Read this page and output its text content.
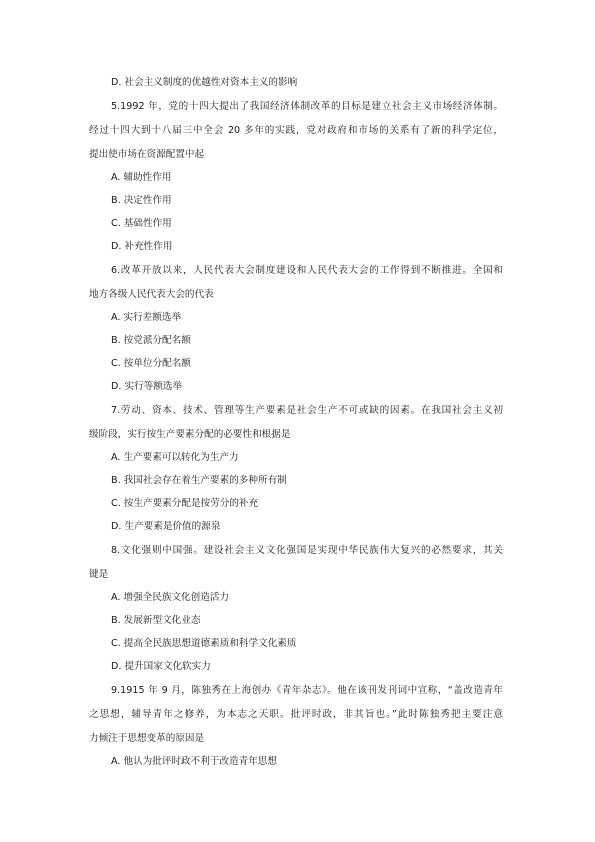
D. 社会主义制度的优越性对资本主义的影响
5.1992 年，党的十四大提出了我国经济体制改革的目标是建立社会主义市场经济体制。
经过十四大到十八届三中全会 20 多年的实践，党对政府和市场的关系有了新的科学定位，
提出使市场在资源配置中起
A. 辅助性作用
B. 决定性作用
C. 基础性作用
D. 补充性作用
6.改革开放以来，人民代表大会制度建设和人民代表大会的工作得到不断推进。全国和
地方各级人民代表大会的代表
A. 实行差额选举
B. 按党派分配名额
C. 按单位分配名额
D. 实行等额选举
7.劳动、资本、技术、管理等生产要素是社会生产不可或缺的因素。在我国社会主义初
级阶段，实行按生产要素分配的必要性和根据是
A. 生产要素可以转化为生产力
B. 我国社会存在着生产要素的多种所有制
C. 按生产要素分配是按劳分的补充
D. 生产要素是价值的源泉
8.文化强则中国强。建设社会主义文化强国是实现中华民族伟大复兴的必然要求，其关
键是
A. 增强全民族文化创造活力
B. 发展新型文化业态
C. 提高全民族思想道德素质和科学文化素质
D. 提升国家文化软实力
9.1915 年 9 月，陈独秀在上海创办《青年杂志》。他在该刊发刊词中宣称，“盖改造青年
之思想，辅导青年之修养，为本志之天职。批评时政，非其旨也。”此时陈独秀把主要注意
力倾注于思想变革的原因是
A. 他认为批评时政不利于改造青年思想
